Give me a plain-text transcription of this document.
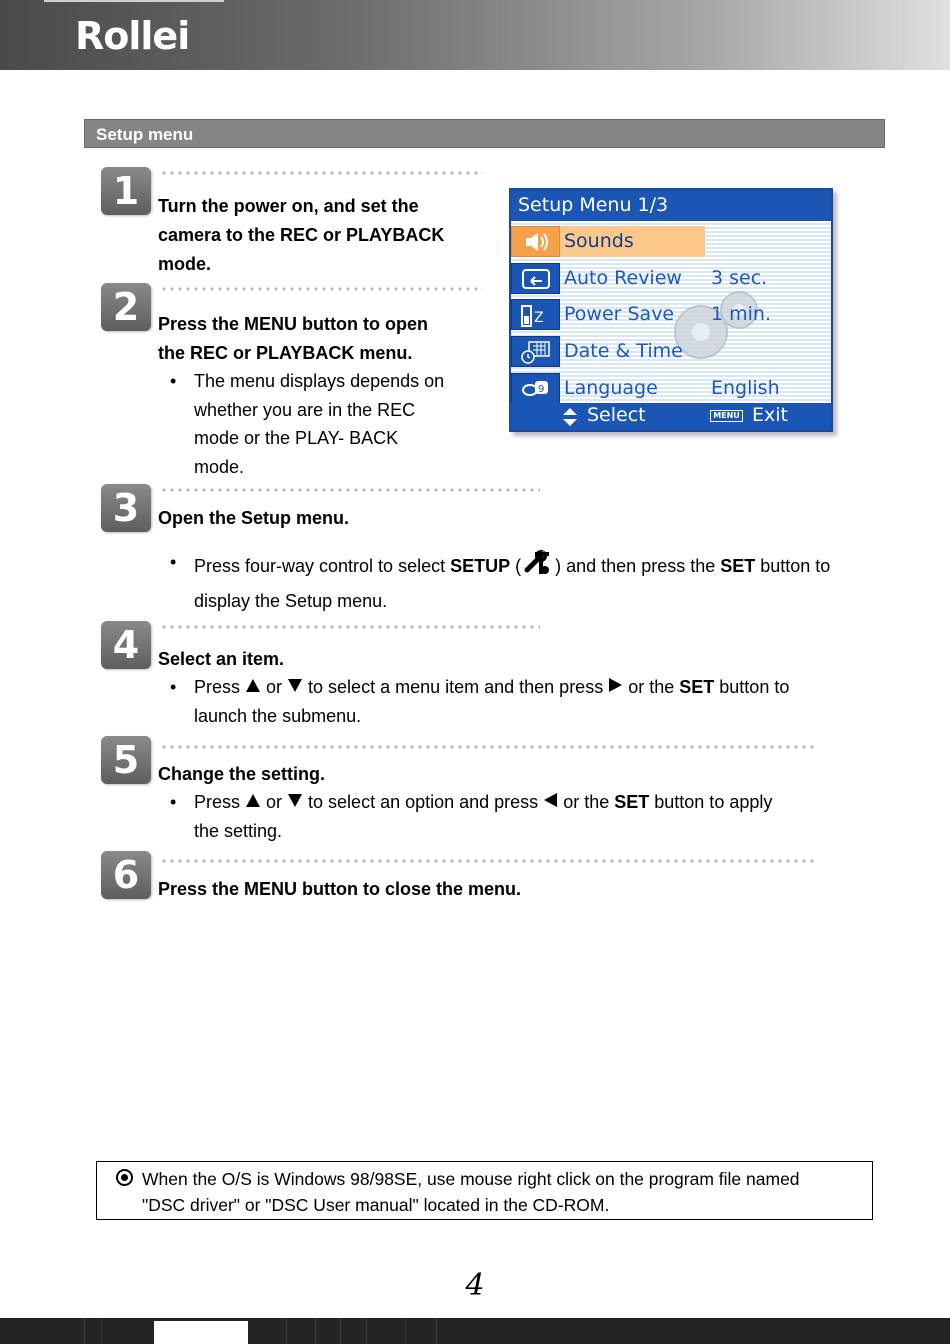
Rollei
Setup menu
1	Turn the power on, and set the
camera to the REC or PLAYBACK
mode.
2	Press the MENU button to open
the REC or PLAYBACK menu.
• The menu displays depends on
whether you are in the REC
mode or the PLAY- BACK
mode.
Setup Menu 1/3
Sounds
Auto Review 3 sec.
Z Power Save 1 min.
Date & Time
9 Language	English
Select	MENU Exit
3	Open the Setup menu.
• Press four-way control to select SETUP ( ) and then press the SET button to
display the Setup menu.
4	Select an item.
• Press or to select a menu item and then press or the SET button to
launch the submenu.
5	Change the setting.
• Press or to select an option and press or the SET button to apply
the setting.
6	Press the MENU button to close the menu.
When the O/S is Windows 98/98SE, use mouse right click on the program file named
"DSC driver" or "DSC User manual" located in the CD-ROM.
4
